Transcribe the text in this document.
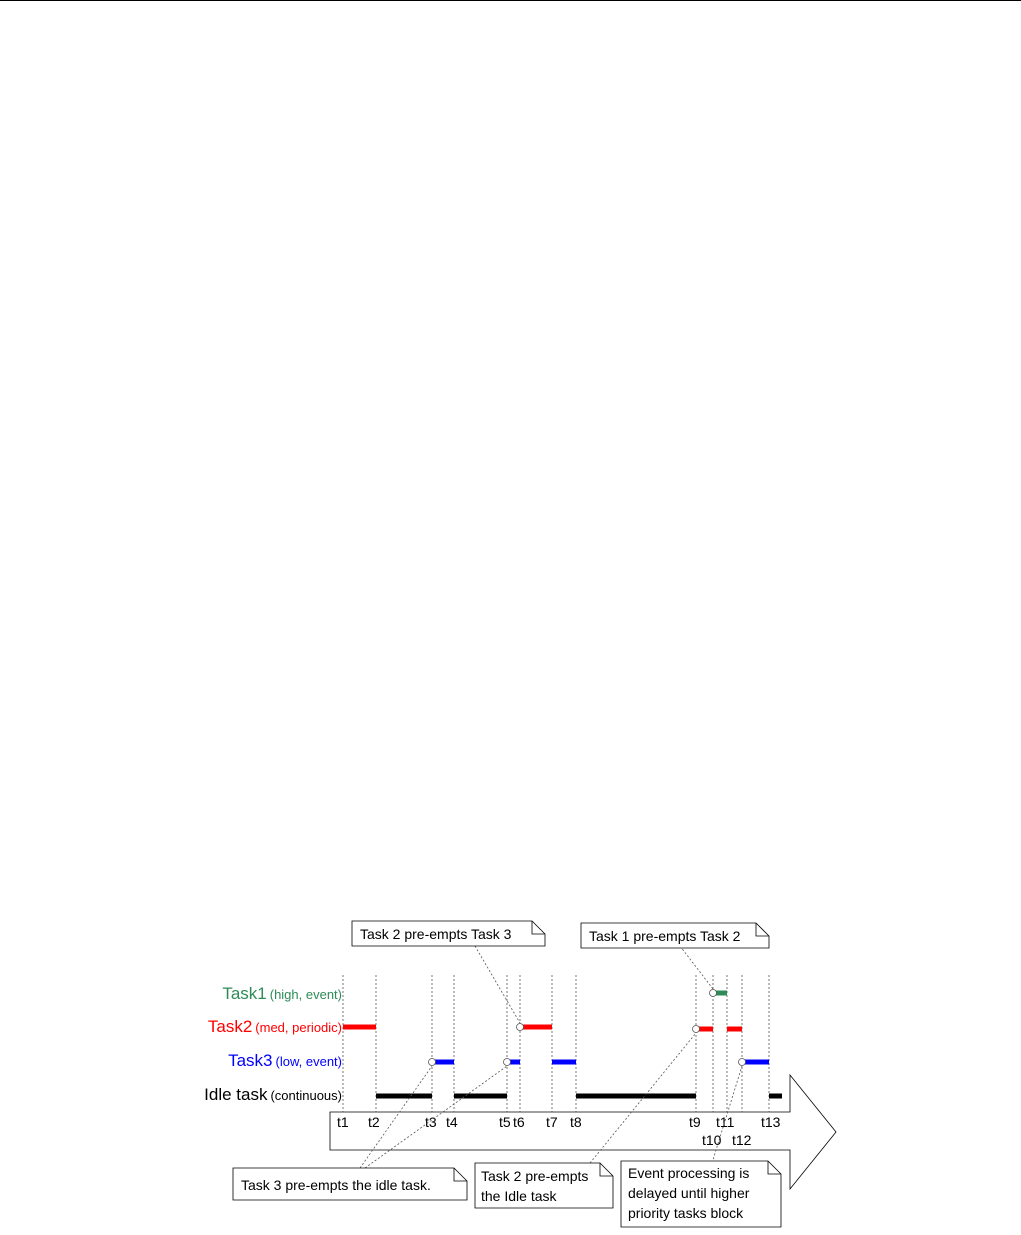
Task1 (high, event)
Task2 (med, periodic)
Task3 (low, event)
Idle task (continuous)
t1 t2	t3 t4	t5 t6 t7 t8	t9
t10
t11
t12
t13
Task 2 pre-empts Task 3	Task 1 pre-empts Task 2
Task 3 pre-empts the idle task.
Task 2 pre-empts the Idle task
Event processing is delayed until higher priority tasks block
